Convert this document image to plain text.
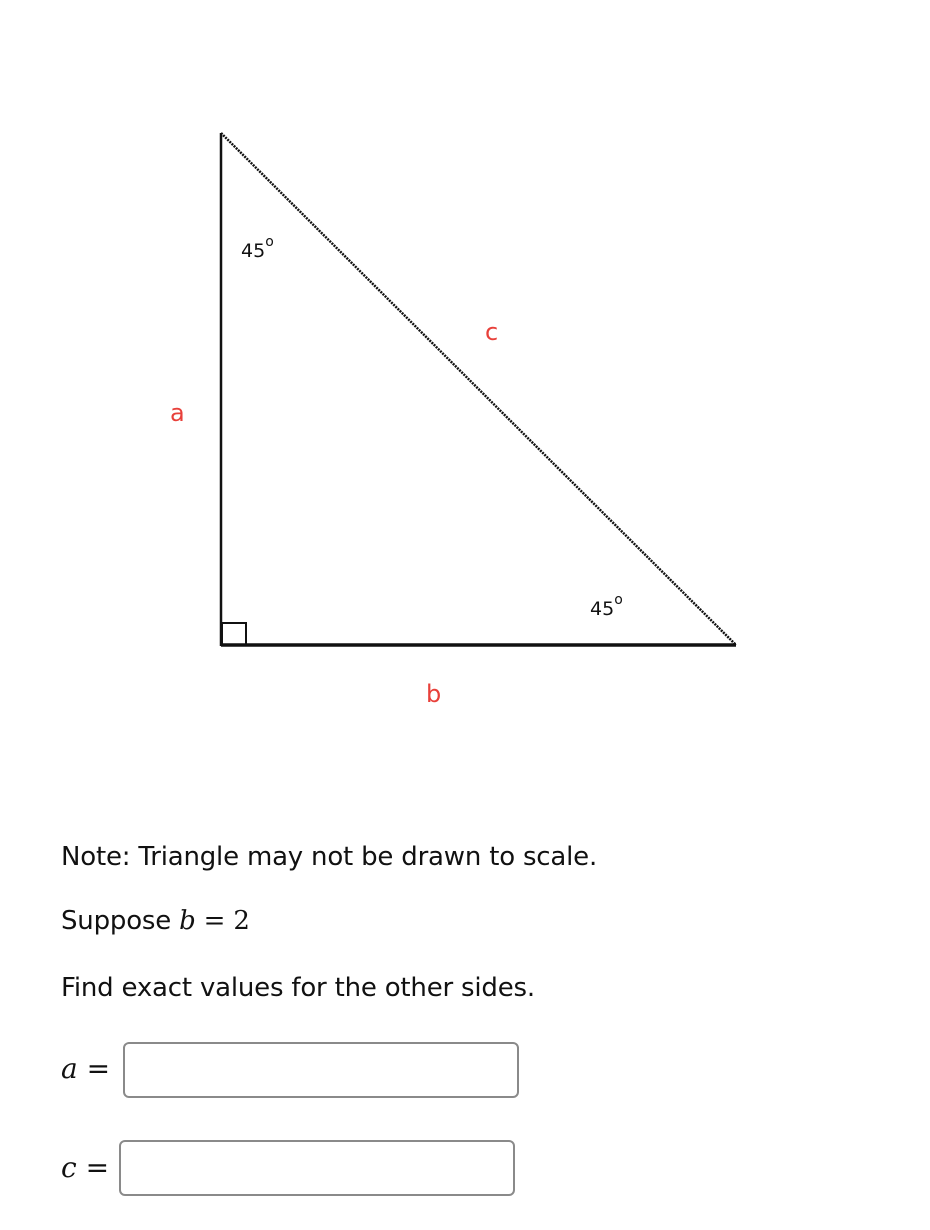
45$^o$
45$^o$
a
b
c
Note: Triangle may not be drawn to scale.
Suppose b = 2
Find exact values for the other sides.
a =
c =
